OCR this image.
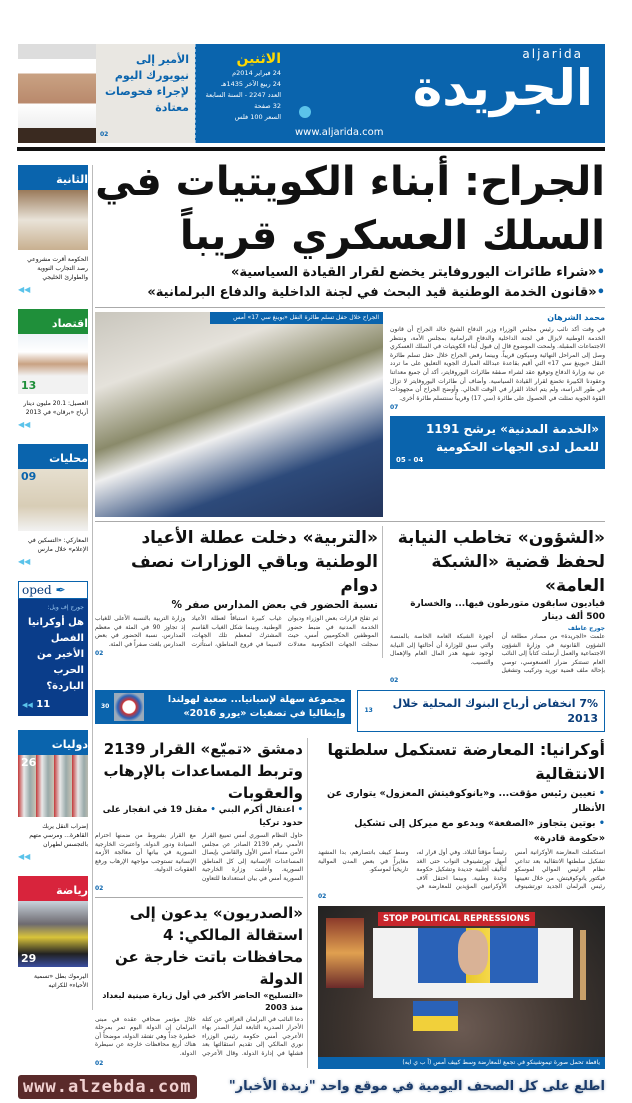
الأمير إلى نيويورك اليوم لإجراء فحوصات معتادة
02
الاثنين
24 فبراير 2014م
24 ربيع الآخر 1435هـ
العدد 2247 - السنة السابعة
32 صفحة
السعر 100 فلس
aljarida
الجريدة
www.aljarida.com
الثانية
الحكومة أقرت مشروعي رصد التجارب النووية والطوارئ الخليجي
◀◀
اقتصاد
13
العصيل: 20.1 مليون دينار أرباح «برقان» في 2013
◀◀
محليات
09
المعاركي: «التسكين في الإعلام» خلال مارس
◀◀
oped ✒
جورج إف ويل:
هل أوكرانيا الفصل الأخير من الحرب الباردة؟
◀◀ 11
دوليات
26
إضراب النقل يربك القاهرة... ومرسي متهم بالتجسس لطهران
◀◀
رياضة
29
اليرموك بطل «تسمية الأحياء» للكراتيه
الجراح: أبناء الكويتيات في السلك العسكري قريباً
•«شراء طائرات اليوروفايتر يخضع لقرار القيادة السياسية»
•«قانون الخدمة الوطنية قيد البحث في لجنة الداخلية والدفاع البرلمانية»
محمد الشرهان
في وقت أكد نائب رئيس مجلس الوزراء وزير الدفاع الشيخ خالد الجراح أن قانون الخدمة الوطنية لايزال في لجنة الداخلية والدفاع البرلمانية بمجلس الأمة، وننتظر الاجتماعات المقبلة. ولمحت الموضوع قال إن قبول أبناء الكويتيات في السلك العسكري وصل إلى المراحل النهائية وسيكون قريباً. وبينما رفض الجراح خلال حفل تسلم طائرة النقل «بوينغ سي 17» التي أقيم بقاعدة عبدالله المبارك الجوية التعليق على ما تردد عن نية وزارة الدفاع وتوقيع عقد لشراء صفقة طائرات اليوروفايتر، أكد أن جميع معداتنا وعقودنا الكبيرة تخضع لقرار القيادة السياسية. وأضاف أن طائرات اليوروفايتر لا تزال في طور الدراسة، ولم يتم اتخاذ القرار في الوقت الحالي. وأوضح الجراح أن مجهودات القوة الجوية تمثلت في الحصول على طائرة (سي 17) وقريباً سنتسلم طائرة أخرى.
07
«الخدمة المدنية» يرشح 1191 للعمل لدى الجهات الحكومية
05 - 04
الجراح خلال حفل تسلم طائرة النقل «بوينغ سي 17» أمس
«الشؤون» تخاطب النيابة لحفظ قضية «الشبكة العامة»
قياديون سابقون متورطون فيها... والخسارة 500 ألف دينار
جورج عاطف
علمت «الجريدة» من مصادر مطلعة أن الشؤون القانونية في وزارة الشؤون الاجتماعية والعمل أرسلت كتاباً إلى النائب العام تستنكر ضرار العسعوسي، توصي بإحالة ملف قضية توريد وتركيب وتشغيل أجهزة الشبكة العامة الخاصة بالمنصة والتي سبق للوزارة أن أحالتها إلى النيابة لوجود شبهة هدر المال العام والإهمال والتسيب.
02
«التربية» دخلت عطلة الأعياد الوطنية وباقي الوزارات نصف دوام
نسبة الحضور في بعض المدارس صفر %
ثم تفلح قرارات بعض الوزراء وديوان الخدمة المدنية في ضبط حضور الموظفين الحكوميين أمس، حيث سجلت الجهات الحكومية معدلات غياب كبيرة استباقاً لعطلة الأعياد الوطنية. وبينما شكل الغياب القاسم المشترك لمعظم تلك الجهات، لاسيما في فروع المناطق، استأثرت وزارة التربية بالنسبة الأعلى للغياب إذ تجاوز 90 في المئة في معظم المدارس. نسبة الحضور في بعض المدارس بلغت صفراً في المئة.
02
7% انخفاض أرباح البنوك المحلية خلال 2013
13
مجموعة سهلة لإسبانيا... صعبة لهولندا وإيطاليا في تصفيات «يورو 2016»
30
أوكرانيا: المعارضة تستكمل سلطتها الانتقالية
• تعيين رئيس مؤقت... و«يانوكوفيتش المعزول» يتوارى عن الأنظار
• بوتين يتجاوز «الصفعة» ويدعو مع ميركل إلى تشكيل «حكومة قادرة»
استكملت المعارضة الأوكرانية أمس تشكيل سلطتها الانتقالية بعد تداعي نظام الرئيس الموالي لموسكو فيكتور يانوكوفيتش، من خلال تعيينها رئيس البرلمان الجديد تورتشينوف رئيساً مؤقتاً للبلاد. وفي أول قرار له، أمهل تورتشينوف النواب حتى الغد لتأليف أغلبية جديدة وتشكيل حكومة وحدة وطنية. وبينما احتفل آلاف الأوكرانيين المؤيدين للمعارضة في وسط كييف بانتصارهم، بدا المشهد مغايراً في بعض المدن الموالية تاريخياً لموسكو.
02
STOP POLITICAL REPRESSIONS
يافطة تحمل صورة تيموشينكو في تجمع للمعارضة وسط كييف أمس (أ ب ي ايه)
دمشق «تميّع» القرار 2139 وتربط المساعدات بالإرهاب والعقوبات
• اعتقال أكرم البني • مقتل 19 في انفجار على حدود تركيا
حاول النظام السوري أمس تمييع القرار الأممي رقم 2139 الصادر عن مجلس الأمن مساء أمس الأول والقاضي بإيصال المساعدات الإنسانية إلى كل المناطق السورية. وأعلنت وزارة الخارجية السورية أمس في بيان استعدادها للتعاون مع القرار بشروط من ضمنها احترام السيادة ودور الدولة. واعتبرت الخارجية السورية في بيانها أن معالجة الأزمة الإنسانية تستوجب مواجهة الإرهاب ورفع العقوبات الدولية.
02
«الصدريون» يدعون إلى استقالة المالكي: 4 محافظات باتت خارجة عن الدولة
«التسليح» الحاضر الأكبر في أول زيارة صينية لبغداد منذ 2003
دعا النائب في البرلمان العراقي عن كتلة الأحرار الصدرية التابعة لتيار الصدر بهاء الأعرجي أمس حكومة رئيس الوزراء نوري المالكي إلى تقديم استقالتها بعد فشلها في إدارة الدولة. وقال الأعرجي خلال مؤتمر صحافي عقده في مبنى البرلمان إن الدولة اليوم تمر بمرحلة خطيرة جداً وهي تفتقد الدولة، موضحاً أن هناك أربع محافظات خارجة عن سيطرة الدولة.
02
www.alzebda.com	اطلع على كل الصحف اليومية في موقع واحد "زبدة الأخبار"
